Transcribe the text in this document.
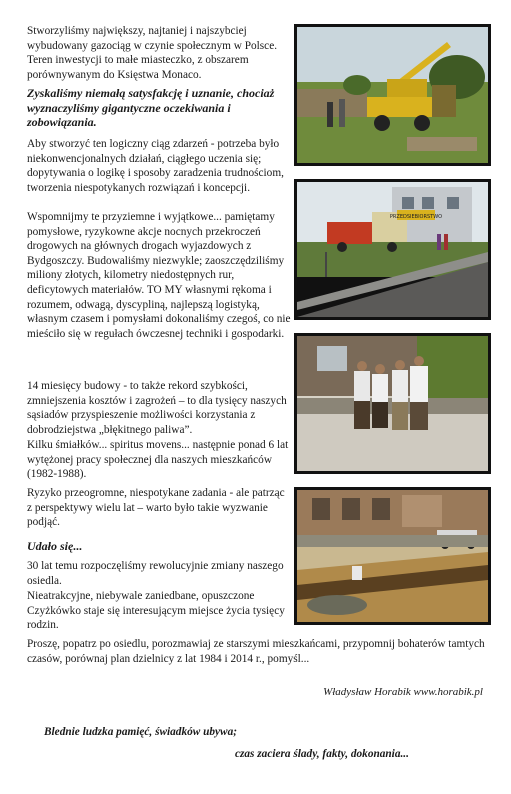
Stworzyliśmy największy, najtaniej i najszybciej wybudowany gazociąg w czynie społecznym w Polsce. Teren inwestycji to małe miasteczko, z obszarem porównywanym do Księstwa Monaco.

Zyskaliśmy niemałą satysfakcję i uznanie, chociaż wyznaczyliśmy gigantyczne oczekiwania i zobowiązania.

Aby stworzyć ten logiczny ciąg zdarzeń - potrzeba było niekonwencjonalnych działań, ciągłego uczenia się; dopytywania o logikę i sposoby zaradzenia trudnościom, tworzenia niespotykanych rozwiązań i koncepcji.

Wspomnijmy te przyziemne i wyjątkowe... pamiętamy pomysłowe, ryzykowne akcje nocnych przekroczeń drogowych na głównych drogach wyjazdowych z Bydgoszczy. Budowaliśmy niezwykle; zaoszczędziliśmy miliony złotych, kilometry niedostępnych rur, deficytowych materiałów. TO MY własnymi rękoma i rozumem, odwagą, dyscypliną, najlepszą logistyką, własnym czasem i pomysłami dokonaliśmy czegoś, co nie mieściło się w regułach ówczesnej techniki i gospodarki.

14 miesięcy budowy - to także rekord szybkości, zmniejszenia kosztów i zagrożeń – to dla tysięcy naszych sąsiadów przyspieszenie możliwości korzystania z dobrodziejstwa „błękitnego paliwa”.

Kilku śmiałków... spiritus movens... następnie ponad 6 lat wytężonej pracy społecznej dla naszych mieszkańców (1982-1988).

Ryzyko przeogromne, niespotykane zadania - ale patrząc z perspektywy wielu lat – warto było takie wyzwanie podjąć.

Udało się...

30 lat temu rozpoczęliśmy rewolucyjnie zmiany naszego osiedla.

Nieatrakcyjne, niebywale zaniedbane, opuszczone Czyżkówko staje się interesującym miejsce życia tysięcy rodzin.

Proszę, popatrz po osiedlu, porozmawiaj ze starszymi mieszkańcami, przypomnij bohaterów tamtych czasów, porównaj plan dzielnicy z lat 1984 i 2014 r., pomyśl...

PRZEDSIEBIORSTWO
Władysław Horabik www.horabik.pl
Blednie ludzka pamięć, świadków ubywa;
czas zaciera ślady, fakty, dokonania...
